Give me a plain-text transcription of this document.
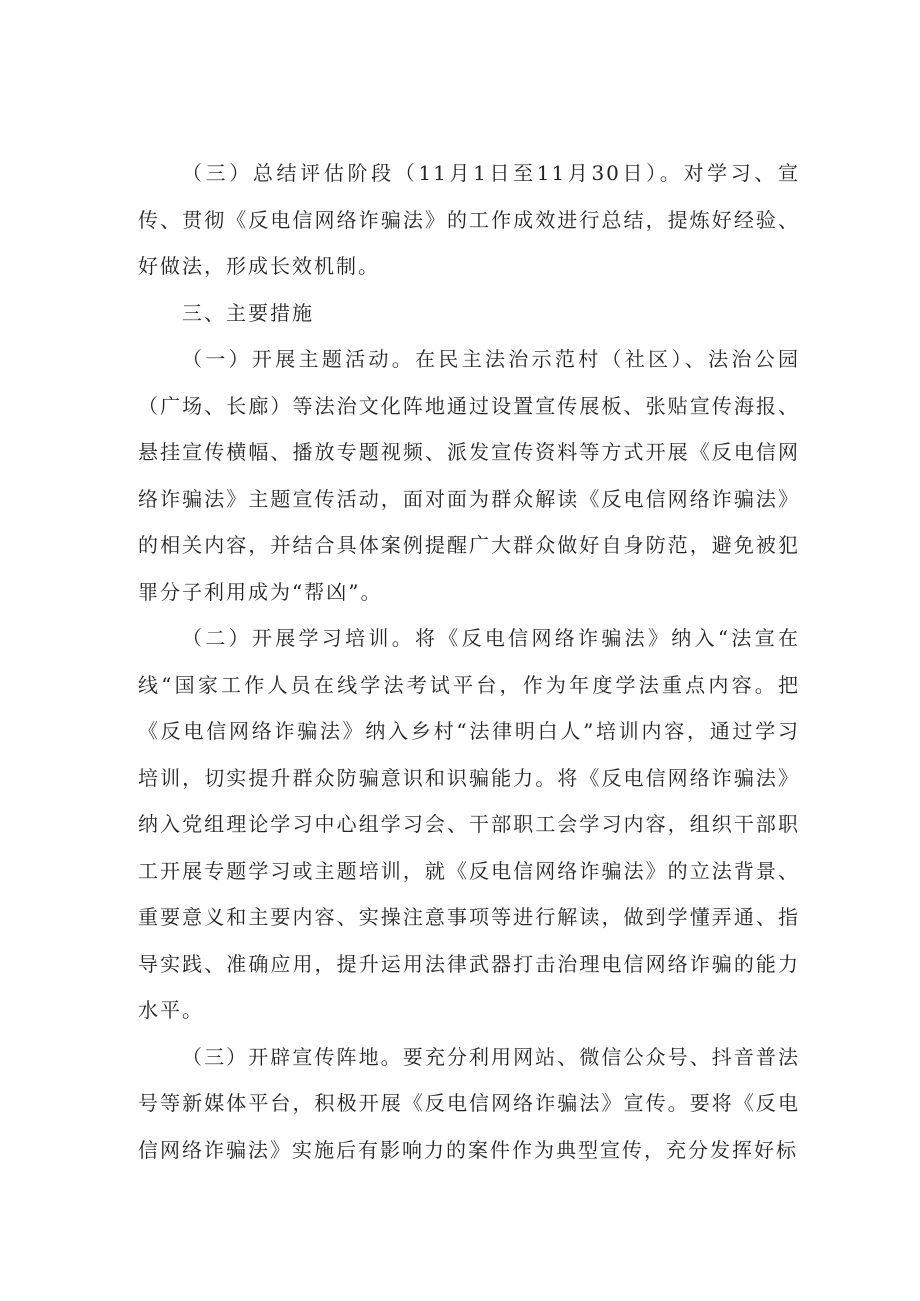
（三）总结评估阶段（11月1日至11月30日）。对学习、宣传、贯彻《反电信网络诈骗法》的工作成效进行总结，提炼好经验、好做法，形成长效机制。

三、主要措施

（一）开展主题活动。在民主法治示范村（社区）、法治公园（广场、长廊）等法治文化阵地通过设置宣传展板、张贴宣传海报、悬挂宣传横幅、播放专题视频、派发宣传资料等方式开展《反电信网络诈骗法》主题宣传活动，面对面为群众解读《反电信网络诈骗法》的相关内容，并结合具体案例提醒广大群众做好自身防范，避免被犯罪分子利用成为“帮凶”。

（二）开展学习培训。将《反电信网络诈骗法》纳入“法宣在线“国家工作人员在线学法考试平台，作为年度学法重点内容。把《反电信网络诈骗法》纳入乡村“法律明白人”培训内容，通过学习培训，切实提升群众防骗意识和识骗能力。将《反电信网络诈骗法》纳入党组理论学习中心组学习会、干部职工会学习内容，组织干部职工开展专题学习或主题培训，就《反电信网络诈骗法》的立法背景、重要意义和主要内容、实操注意事项等进行解读，做到学懂弄通、指导实践、准确应用，提升运用法律武器打击治理电信网络诈骗的能力水平。

（三）开辟宣传阵地。要充分利用网站、微信公众号、抖音普法号等新媒体平台，积极开展《反电信网络诈骗法》宣传。要将《反电信网络诈骗法》实施后有影响力的案件作为典型宣传，充分发挥好标
